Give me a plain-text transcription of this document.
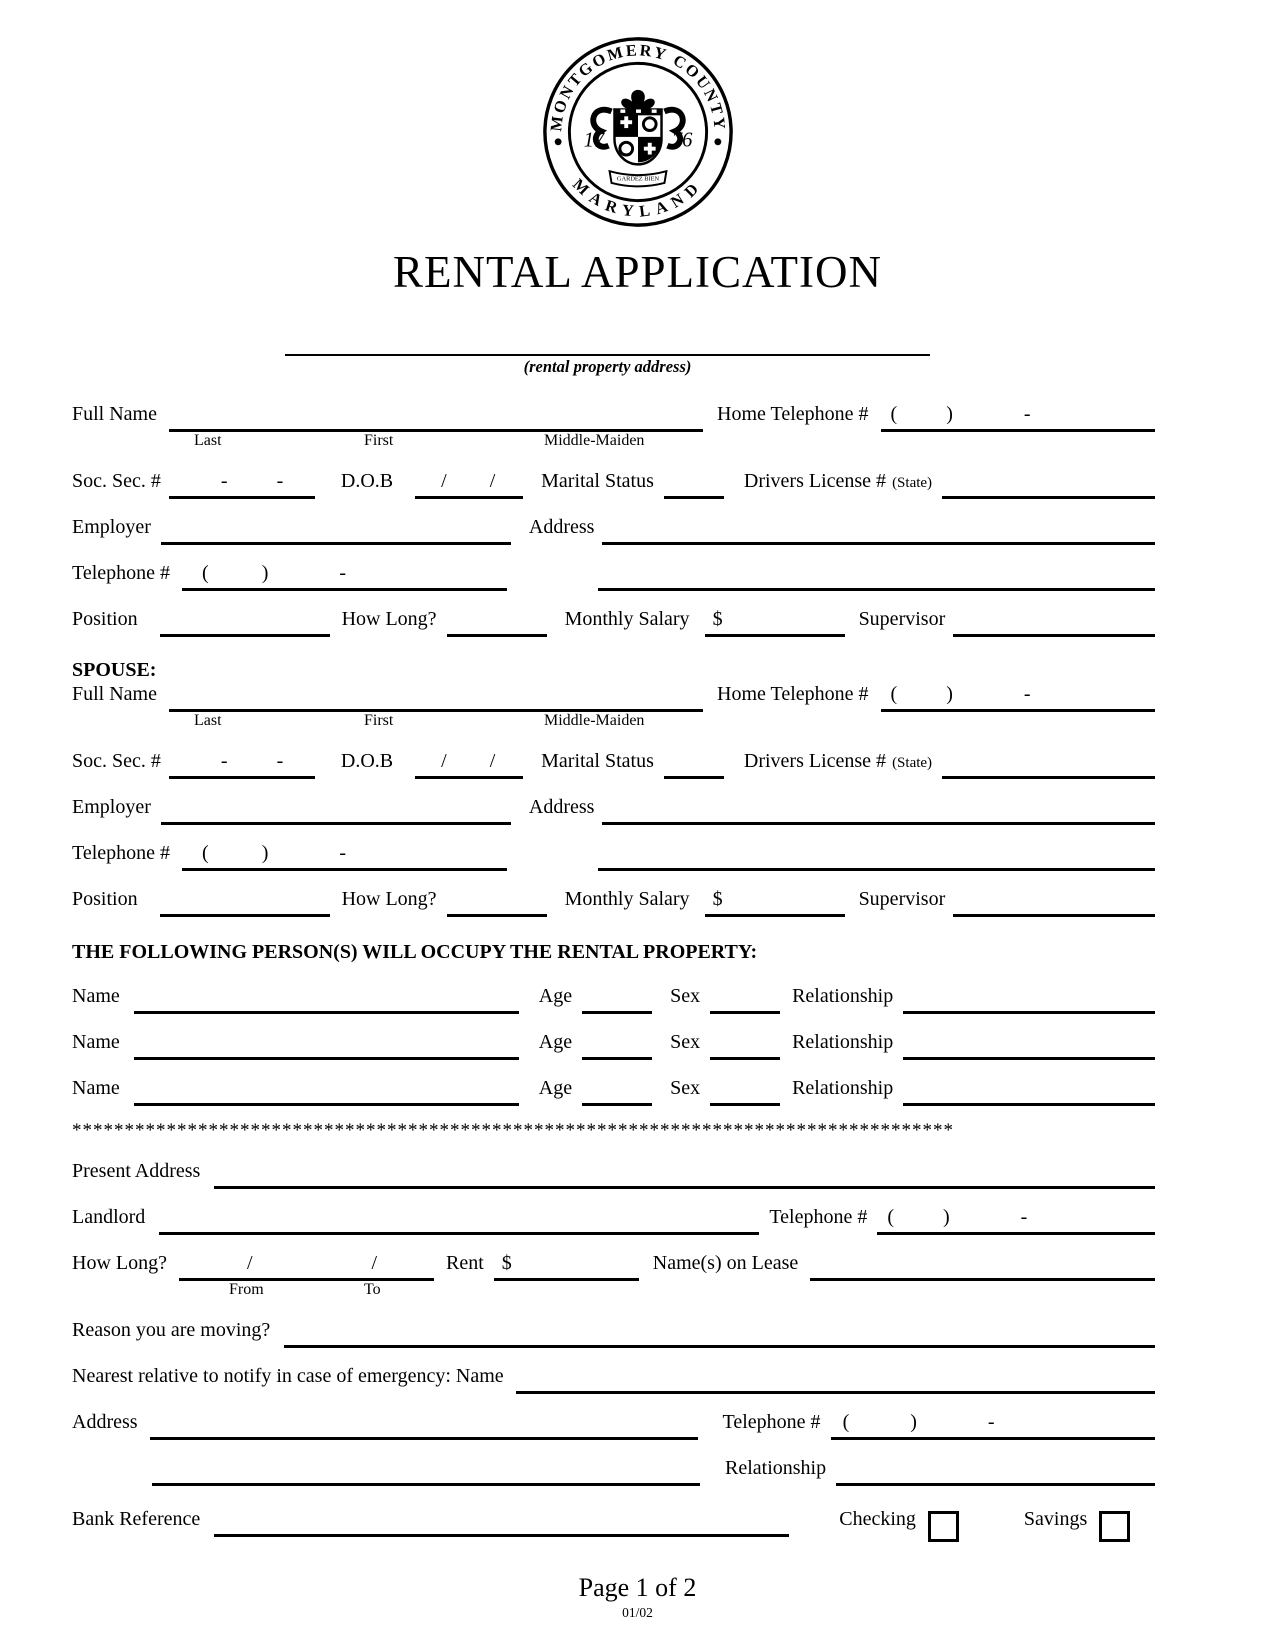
MONTGOMERY COUNTY
MARYLAND
17	76
GARDEZ BIEN
RENTAL APPLICATION
(rental property address)
Full Name	Home Telephone #	( )	-
Last	First	Middle-Maiden
Soc. Sec. #	- -	D.O.B	/ /	Marital Status	Drivers License # (State)
Employer	Address
Telephone #	(	)	-
Position	How Long?	Monthly Salary	$	Supervisor
SPOUSE:
Full Name	Home Telephone #	( )	-
Last	First	Middle-Maiden
Soc. Sec. #	- -	D.O.B	/ /	Marital Status	Drivers License # (State)
Employer	Address
Telephone #	(	)	-
Position	How Long?	Monthly Salary	$	Supervisor
THE FOLLOWING PERSON(S) WILL OCCUPY THE RENTAL PROPERTY:
Name	Age	Sex	Relationship
Name	Age	Sex	Relationship
Name	Age	Sex	Relationship
************************************************************************************
Present Address
Landlord	Telephone #	( )	-
How Long?	/	/	Rent $	Name(s) on Lease
From	To
Reason you are moving?
Nearest relative to notify in case of emergency: Name
Address	Telephone #	(	)	-
Relationship
Bank Reference	Checking	Savings
Page 1 of 2
01/02
